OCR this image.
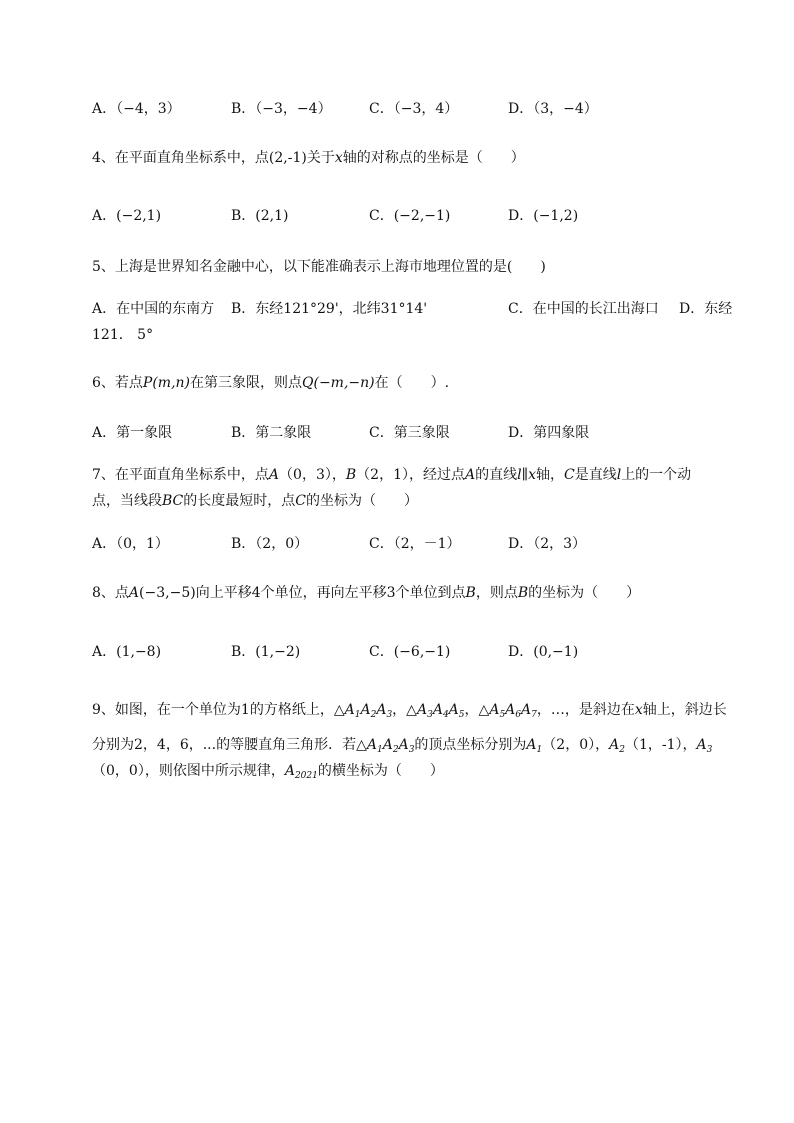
A．（−4，3）	B．（−3，−4）	C．（−3，4）	D．（3，−4）
4、在平面直角坐标系中，点(2,-1)关于x轴的对称点的坐标是（　　）
A．(−2,1)	B．(2,1)	C．(−2,−1)	D．(−1,2)
5、上海是世界知名金融中心，以下能准确表示上海市地理位置的是(　　)
A．在中国的东南方 B．东经121°29'，北纬31°14'	C．在中国的长江出海口 D．东经
121． 5°
6、若点P(m,n)在第三象限，则点Q(−m,−n)在（　　）.
A．第一象限	B．第二象限	C．第三象限	D．第四象限
7、在平面直角坐标系中，点A（0，3），B（2，1），经过点A的直线l∥x轴，C是直线l上的一个动
点，当线段BC的长度最短时，点C的坐标为（　　）
A．（0，1）	B．（2，0）	C．（2，－1）	D．（2，3）
8、点A(−3,−5)向上平移4个单位，再向左平移3个单位到点B，则点B的坐标为（　　）
A．(1,−8)	B．(1,−2)	C．(−6,−1)	D．(0,−1)
9、如图，在一个单位为1的方格纸上，$\triangle A_1A_2A_3$，$\triangle A_3A_4A_5$，$\triangle A_5A_6A_7$，…，是斜边在x轴上，斜边长
分别为2，4，6，...的等腰直角三角形．若$\triangle A_1A_2A_3$的顶点坐标分别为$A_1(2$，0），$A_2(1$，-1），$A_3$
（0，0），则依图中所示规律，$A_{2021}$的横坐标为（　　）
